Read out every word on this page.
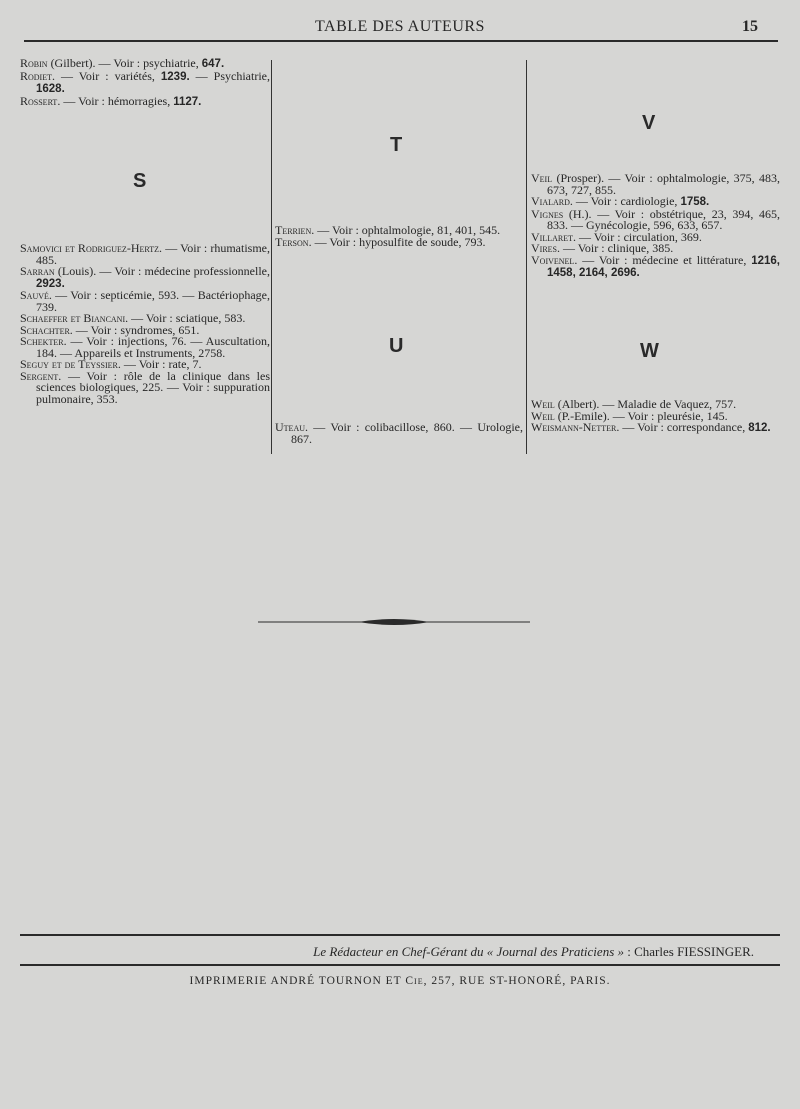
TABLE DES AUTEURS	15

Robin (Gilbert). — Voir : psychiatrie, 647.

Rodiet. — Voir : variétés, 1239. — Psychiatrie, 1628.

Rossert. — Voir : hémorragies, 1127.

S

Samovici et Rodriguez-Hertz. — Voir : rhumatisme, 485.

Sarran (Louis). — Voir : médecine professionnelle, 2923.

Sauvé. — Voir : septicémie, 593. — Bactériophage, 739.

Schaeffer et Biancani. — Voir : sciatique, 583.

Schachter. — Voir : syndromes, 651.

Schekter. — Voir : injections, 76. — Auscultation, 184. — Appareils et Instruments, 2758.

Seguy et de Teyssier. — Voir : rate, 7.

Sergent. — Voir : rôle de la clinique dans les sciences biologiques, 225. — Voir : suppuration pulmonaire, 353.

T

Terrien. — Voir : ophtalmologie, 81, 401, 545.

Terson. — Voir : hyposulfite de soude, 793.

U

Uteau. — Voir : colibacillose, 860. — Urologie, 867.

V

Veil (Prosper). — Voir : ophtalmologie, 375, 483, 673, 727, 855.

Vialard. — Voir : cardiologie, 1758.

Vignes (H.). — Voir : obstétrique, 23, 394, 465, 833. — Gynécologie, 596, 633, 657.

Villaret. — Voir : circulation, 369.

Vires. — Voir : clinique, 385.

Voivenel. — Voir : médecine et littérature, 1216, 1458, 2164, 2696.

W

Weil (Albert). — Maladie de Vaquez, 757.

Weil (P.-Emile). — Voir : pleurésie, 145.

Weismann-Netter. — Voir : correspondance, 812.

Le Rédacteur en Chef-Gérant du « Journal des Praticiens » : Charles FIESSINGER.
IMPRIMERIE ANDRÉ TOURNON ET Cie, 257, RUE ST-HONORÉ, PARIS.
